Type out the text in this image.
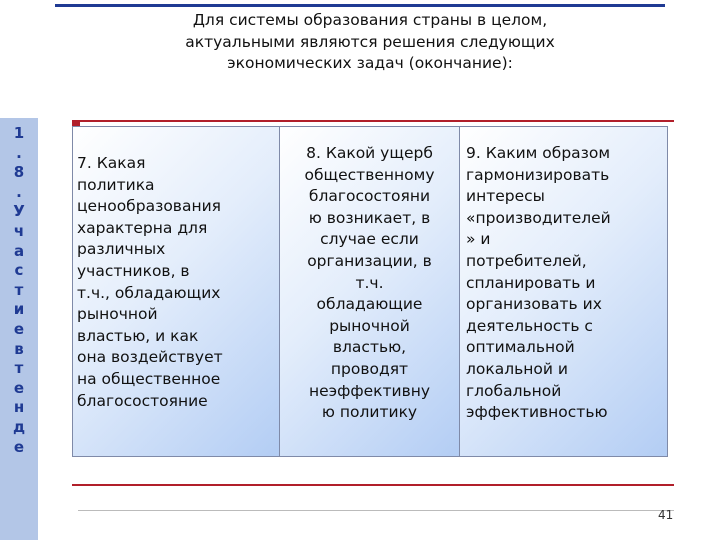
Для системы образования страны в целом,
актуальными являются решения следующих
экономических задач (окончание):
1
.
8
.
У
ч
а
с
т
и
е
в
т
е
н
д
е
7. Какая
политика
ценообразования
характерна для
различных
участников, в
т.ч., обладающих
рыночной
властью, и как
она воздействует
на общественное
благосостояние
8. Какой ущерб
общественному
благосостояни
ю возникает, в
случае если
организации, в
т.ч.
обладающие
рыночной
властью,
проводят
неэффективну
ю политику
9. Каким образом
гармонизировать
интересы
«производителей
» и
потребителей,
спланировать и
организовать их
деятельность с
оптимальной
локальной и
глобальной
эффективностью
41
